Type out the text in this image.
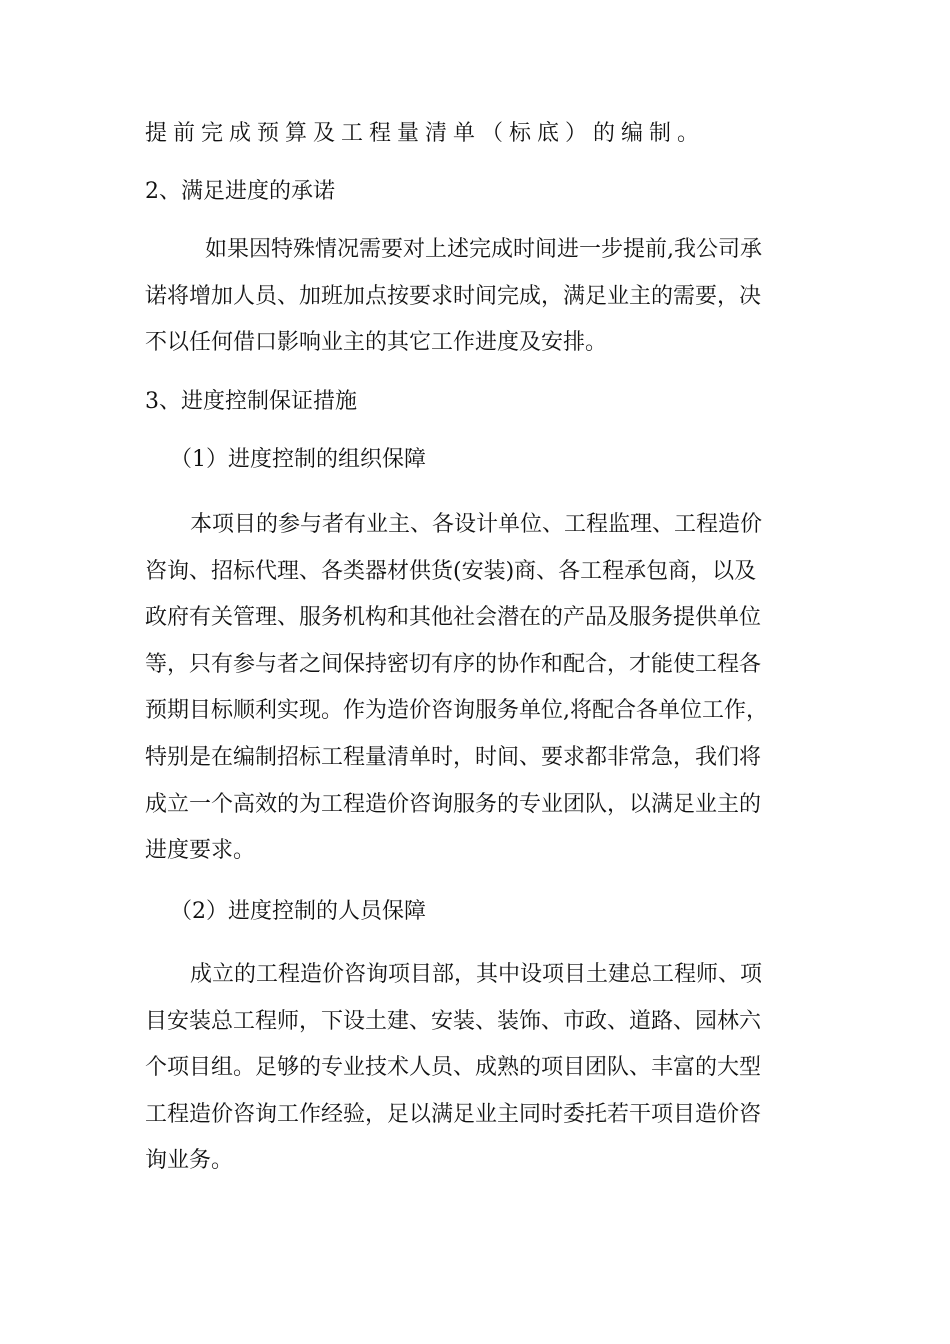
提前完成预算及工程量清单（标底）的编制。
2、满足进度的承诺
如果因特殊情况需要对上述完成时间进一步提前,我公司承
诺将增加人员、加班加点按要求时间完成，满足业主的需要，决
不以任何借口影响业主的其它工作进度及安排。
3、进度控制保证措施
（1）进度控制的组织保障
本项目的参与者有业主、各设计单位、工程监理、工程造价
咨询、招标代理、各类器材供货(安装)商、各工程承包商，以及
政府有关管理、服务机构和其他社会潜在的产品及服务提供单位
等，只有参与者之间保持密切有序的协作和配合，才能使工程各
预期目标顺利实现。作为造价咨询服务单位,将配合各单位工作，
特别是在编制招标工程量清单时，时间、要求都非常急，我们将
成立一个高效的为工程造价咨询服务的专业团队，以满足业主的
进度要求。
（2）进度控制的人员保障
成立的工程造价咨询项目部，其中设项目土建总工程师、项
目安装总工程师，下设土建、安装、装饰、市政、道路、园林六
个项目组。足够的专业技术人员、成熟的项目团队、丰富的大型
工程造价咨询工作经验，足以满足业主同时委托若干项目造价咨
询业务。
